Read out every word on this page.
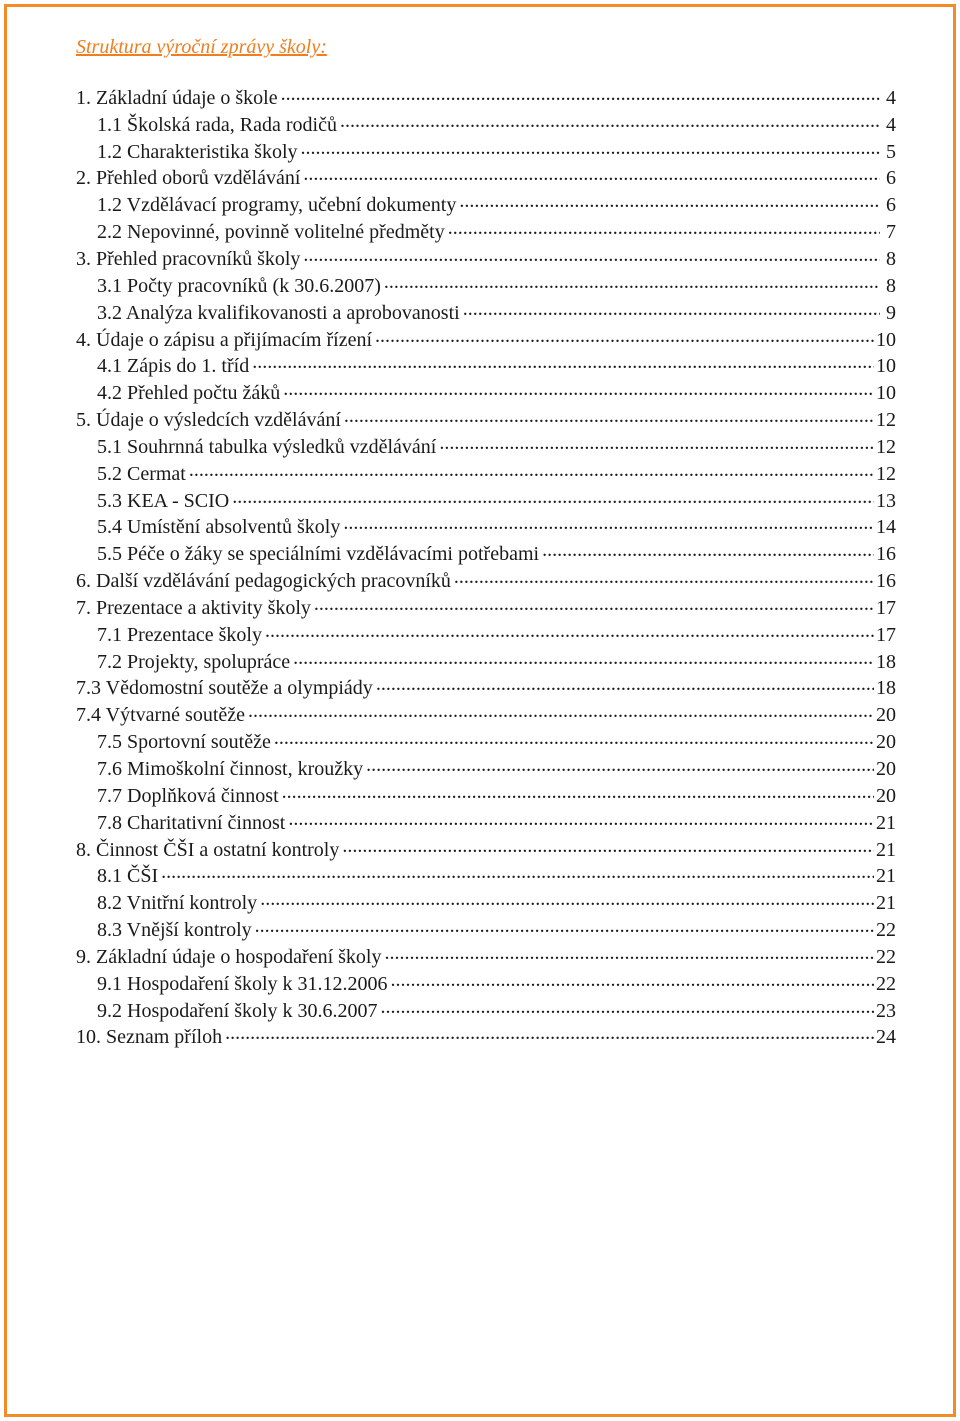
Struktura výroční zprávy školy:
1. Základní údaje o škole .....	4
1.1 Školská rada, Rada rodičů .....	4
1.2 Charakteristika školy .....	5
2. Přehled oborů vzdělávání .....	6
1.2 Vzdělávací programy, učební dokumenty .....	6
2.2 Nepovinné, povinně volitelné předměty .....	7
3. Přehled pracovníků školy .....	8
3.1 Počty pracovníků (k 30.6.2007) .....	8
3.2 Analýza kvalifikovanosti a aprobovanosti .....	9
4. Údaje o zápisu a přijímacím řízení .....	10
4.1 Zápis do 1. tříd .....	10
4.2 Přehled počtu žáků .....	10
5. Údaje o výsledcích vzdělávání .....	12
5.1 Souhrnná tabulka výsledků vzdělávání .....	12
5.2 Cermat .....	12
5.3 KEA - SCIO .....	13
5.4 Umístění absolventů školy .....	14
5.5 Péče o žáky se speciálními vzdělávacími potřebami .....	16
6. Další vzdělávání pedagogických pracovníků .....	16
7. Prezentace a aktivity školy .....	17
7.1 Prezentace školy .....	17
7.2 Projekty, spolupráce .....	18
7.3 Vědomostní soutěže a olympiády .....	18
7.4 Výtvarné soutěže .....	20
7.5 Sportovní soutěže .....	20
7.6 Mimoškolní činnost, kroužky .....	20
7.7 Doplňková činnost .....	20
7.8 Charitativní činnost .....	21
8. Činnost ČŠI a ostatní kontroly .....	21
8.1 ČŠI .....	21
8.2 Vnitřní kontroly .....	21
8.3 Vnější kontroly .....	22
9. Základní údaje o hospodaření školy .....	22
9.1 Hospodaření školy k 31.12.2006 .....	22
9.2 Hospodaření školy k 30.6.2007 .....	23
10. Seznam příloh .....	24
